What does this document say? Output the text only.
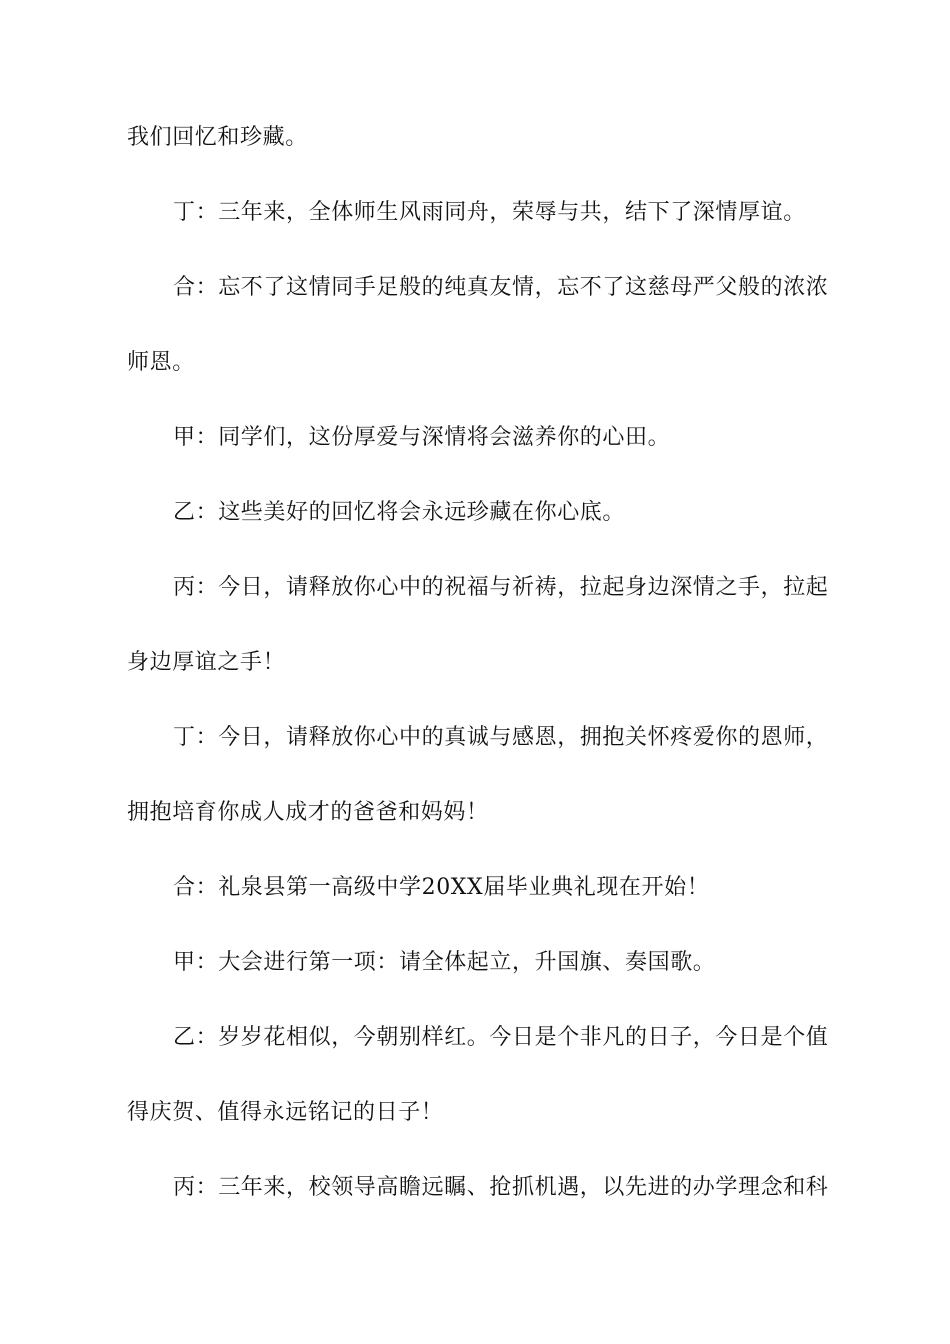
我们回忆和珍藏。
丁：三年来，全体师生风雨同舟，荣辱与共，结下了深情厚谊。
合：忘不了这情同手足般的纯真友情，忘不了这慈母严父般的浓浓
师恩。
甲：同学们，这份厚爱与深情将会滋养你的心田。
乙：这些美好的回忆将会永远珍藏在你心底。
丙：今日，请释放你心中的祝福与祈祷，拉起身边深情之手，拉起
身边厚谊之手！
丁：今日，请释放你心中的真诚与感恩，拥抱关怀疼爱你的恩师，
拥抱培育你成人成才的爸爸和妈妈！
合：礼泉县第一高级中学20XX届毕业典礼现在开始！
甲：大会进行第一项：请全体起立，升国旗、奏国歌。
乙：岁岁花相似，今朝别样红。今日是个非凡的日子，今日是个值
得庆贺、值得永远铭记的日子！
丙：三年来，校领导高瞻远瞩、抢抓机遇，以先进的办学理念和科
